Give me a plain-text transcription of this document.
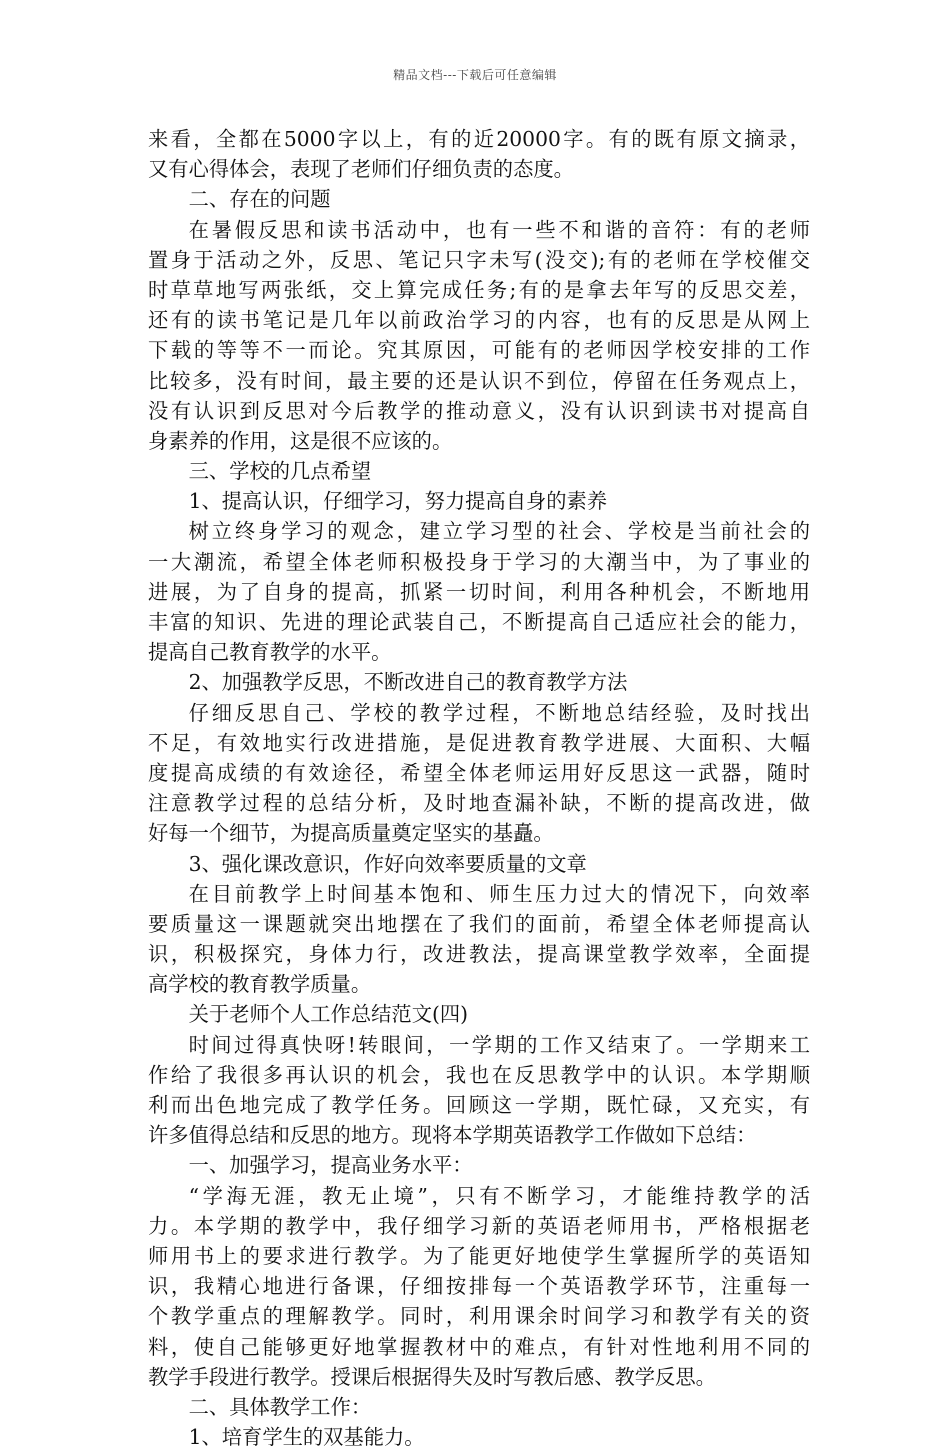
精品文档---下载后可任意编辑
来看，全都在5000字以上，有的近20000字。有的既有原文摘录，
又有心得体会，表现了老师们仔细负责的态度。
二、存在的问题
在暑假反思和读书活动中，也有一些不和谐的音符：有的老师
置身于活动之外，反思、笔记只字未写(没交);有的老师在学校催交
时草草地写两张纸，交上算完成任务;有的是拿去年写的反思交差，
还有的读书笔记是几年以前政治学习的内容，也有的反思是从网上
下载的等等不一而论。究其原因，可能有的老师因学校安排的工作
比较多，没有时间，最主要的还是认识不到位，停留在任务观点上，
没有认识到反思对今后教学的推动意义，没有认识到读书对提高自
身素养的作用，这是很不应该的。
三、学校的几点希望
1、提高认识，仔细学习，努力提高自身的素养
树立终身学习的观念，建立学习型的社会、学校是当前社会的
一大潮流，希望全体老师积极投身于学习的大潮当中，为了事业的
进展，为了自身的提高，抓紧一切时间，利用各种机会，不断地用
丰富的知识、先进的理论武装自己，不断提高自己适应社会的能力，
提高自己教育教学的水平。
2、加强教学反思，不断改进自己的教育教学方法
仔细反思自己、学校的教学过程，不断地总结经验，及时找出
不足，有效地实行改进措施，是促进教育教学进展、大面积、大幅
度提高成绩的有效途径，希望全体老师运用好反思这一武器，随时
注意教学过程的总结分析，及时地查漏补缺，不断的提高改进，做
好每一个细节，为提高质量奠定坚实的基矗。
3、强化课改意识，作好向效率要质量的文章
在目前教学上时间基本饱和、师生压力过大的情况下，向效率
要质量这一课题就突出地摆在了我们的面前，希望全体老师提高认
识，积极探究，身体力行，改进教法，提高课堂教学效率，全面提
高学校的教育教学质量。
关于老师个人工作总结范文(四)
时间过得真快呀!转眼间，一学期的工作又结束了。一学期来工
作给了我很多再认识的机会，我也在反思教学中的认识。本学期顺
利而出色地完成了教学任务。回顾这一学期，既忙碌，又充实，有
许多值得总结和反思的地方。现将本学期英语教学工作做如下总结：
一、加强学习，提高业务水平：
“学海无涯，教无止境”，只有不断学习，才能维持教学的活
力。本学期的教学中，我仔细学习新的英语老师用书，严格根据老
师用书上的要求进行教学。为了能更好地使学生掌握所学的英语知
识，我精心地进行备课，仔细按排每一个英语教学环节，注重每一
个教学重点的理解教学。同时，利用课余时间学习和教学有关的资
料，使自己能够更好地掌握教材中的难点，有针对性地利用不同的
教学手段进行教学。授课后根据得失及时写教后感、教学反思。
二、具体教学工作：
1、培育学生的双基能力。
